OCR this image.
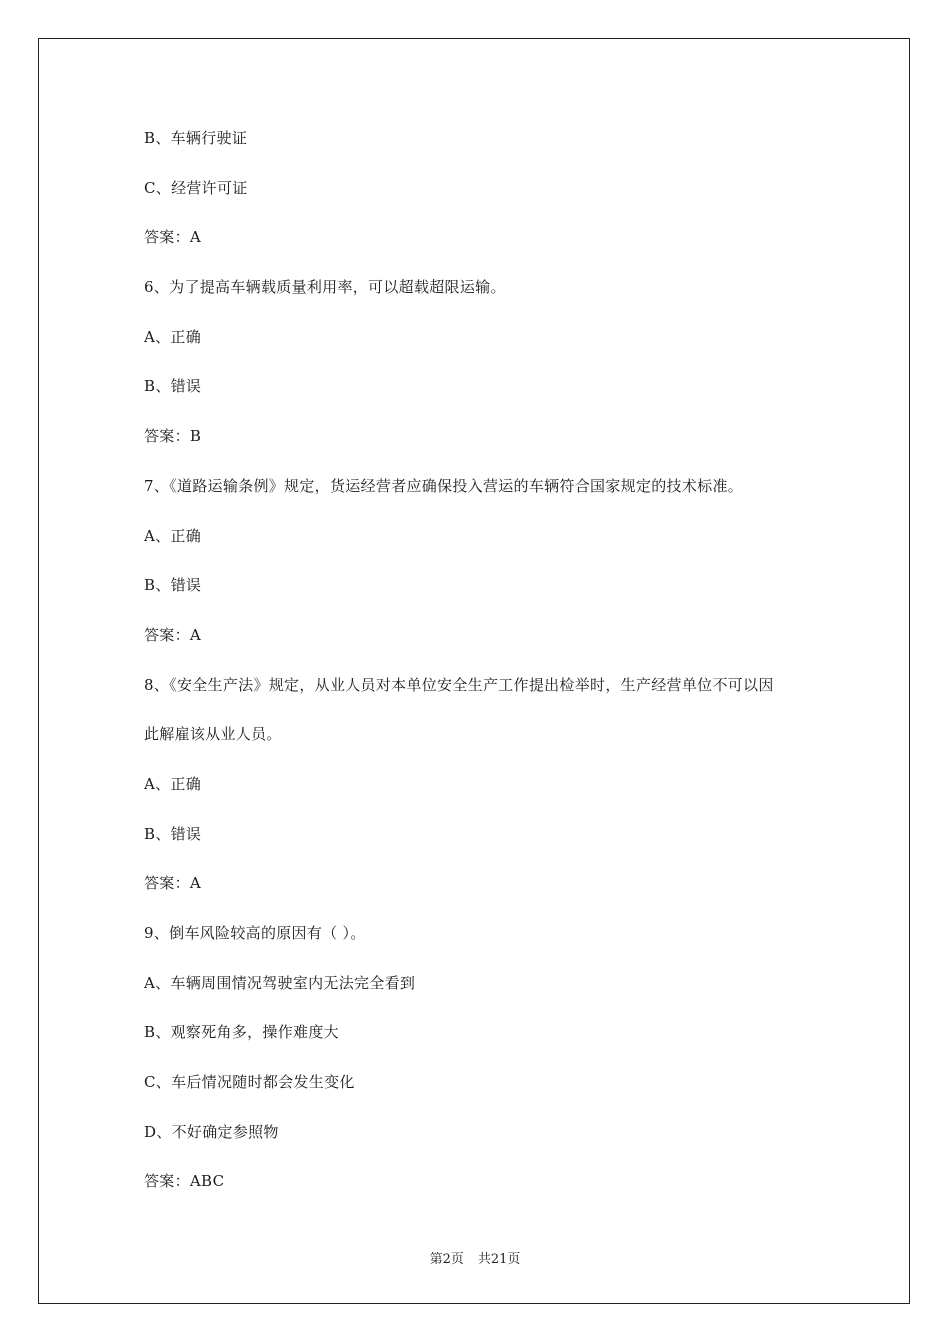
B、车辆行驶证
C、经营许可证
答案：A
6、为了提高车辆载质量利用率，可以超载超限运输。
A、正确
B、错误
答案：B
7、《道路运输条例》规定，货运经营者应确保投入营运的车辆符合国家规定的技术标准。
A、正确
B、错误
答案：A
8、《安全生产法》规定，从业人员对本单位安全生产工作提出检举时，生产经营单位不可以因
此解雇该从业人员。
A、正确
B、错误
答案：A
9、倒车风险较高的原因有（ ）。
A、车辆周围情况驾驶室内无法完全看到
B、观察死角多，操作难度大
C、车后情况随时都会发生变化
D、不好确定参照物
答案：ABC
第2页 共21页
